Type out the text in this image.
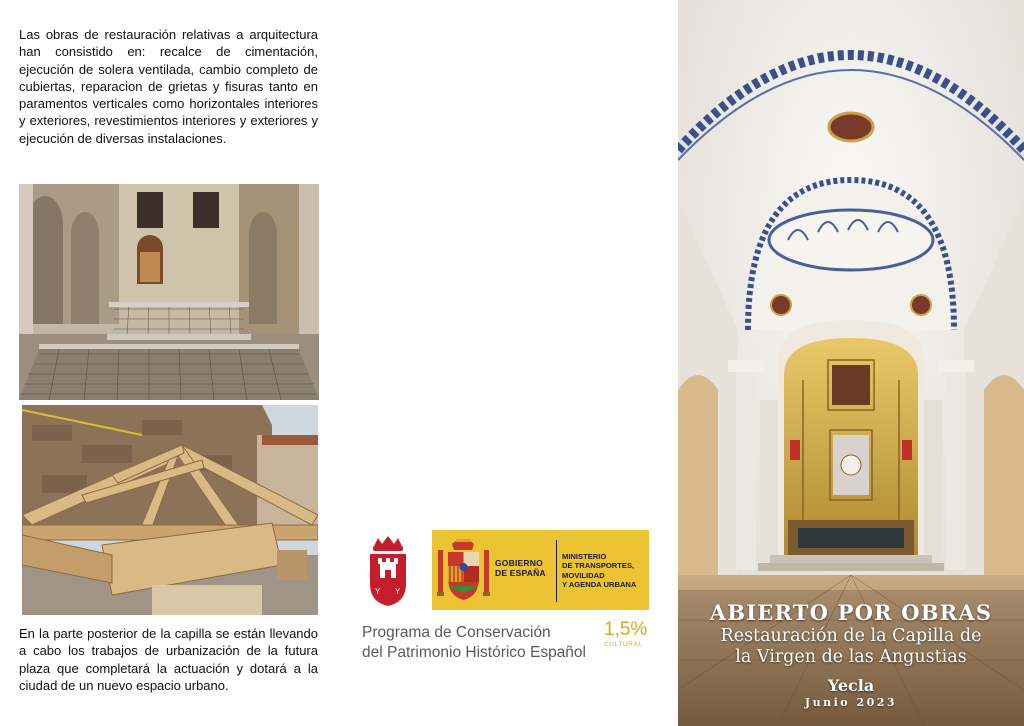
Las obras de restauración relativas a arquitectura han consistido en: recalce de cimentación, ejecución de solera ventilada, cambio completo de cubiertas, reparacion de grietas y fisuras tanto en paramentos verticales como horizontales interiores y exteriores, revestimientos interiores y exteriores y ejecución de diversas instalaciones.

En la parte posterior de la capilla se están llevando a cabo los trabajos de urbanización de la futura plaza que completará la actuación y dotará a la ciudad de un nuevo espacio urbano.

Y Y
GOBIERNO
DE ESPAÑA
MINISTERIO
DE TRANSPORTES,
MOVILIDAD
Y AGENDA URBANA
Programa de Conservación
del Patrimonio Histórico Español
1,5%
CULTURAL
ABIERTO POR OBRAS
Restauración de la Capilla de
la Virgen de las Angustias
Yecla
Junio 2023
